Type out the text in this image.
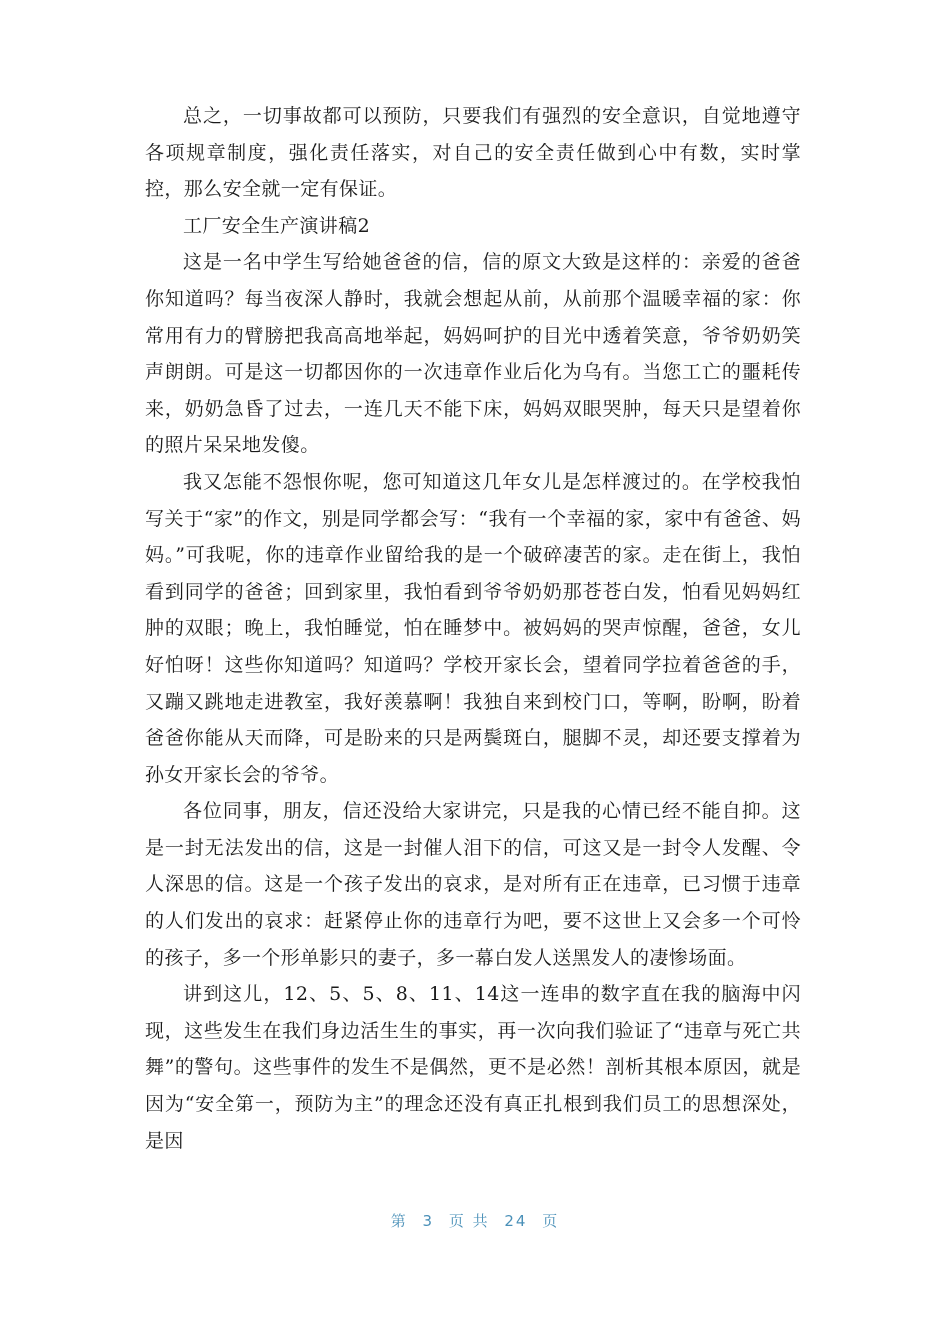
总之，一切事故都可以预防，只要我们有强烈的安全意识，自觉地遵守各项规章制度，强化责任落实，对自己的安全责任做到心中有数，实时掌控，那么安全就一定有保证。

工厂安全生产演讲稿2

这是一名中学生写给她爸爸的信，信的原文大致是这样的：亲爱的爸爸你知道吗？每当夜深人静时，我就会想起从前，从前那个温暖幸福的家：你常用有力的臂膀把我高高地举起，妈妈呵护的目光中透着笑意，爷爷奶奶笑声朗朗。可是这一切都因你的一次违章作业后化为乌有。当您工亡的噩耗传来，奶奶急昏了过去，一连几天不能下床，妈妈双眼哭肿，每天只是望着你的照片呆呆地发傻。

我又怎能不怨恨你呢，您可知道这几年女儿是怎样渡过的。在学校我怕写关于“家”的作文，别是同学都会写：“我有一个幸福的家，家中有爸爸、妈妈。”可我呢，你的违章作业留给我的是一个破碎凄苦的家。走在街上，我怕看到同学的爸爸；回到家里，我怕看到爷爷奶奶那苍苍白发，怕看见妈妈红肿的双眼；晚上，我怕睡觉，怕在睡梦中。被妈妈的哭声惊醒，爸爸，女儿好怕呀！这些你知道吗？知道吗？学校开家长会，望着同学拉着爸爸的手，又蹦又跳地走进教室，我好羡慕啊！我独自来到校门口，等啊，盼啊，盼着爸爸你能从天而降，可是盼来的只是两鬓斑白，腿脚不灵，却还要支撑着为孙女开家长会的爷爷。

各位同事，朋友，信还没给大家讲完，只是我的心情已经不能自抑。这是一封无法发出的信，这是一封催人泪下的信，可这又是一封令人发醒、令人深思的信。这是一个孩子发出的哀求，是对所有正在违章，已习惯于违章的人们发出的哀求：赶紧停止你的违章行为吧，要不这世上又会多一个可怜的孩子，多一个形单影只的妻子，多一幕白发人送黑发人的凄惨场面。

讲到这儿，12、5、5、8、11、14这一连串的数字直在我的脑海中闪现，这些发生在我们身边活生生的事实，再一次向我们验证了“违章与死亡共舞”的警句。这些事件的发生不是偶然，更不是必然！剖析其根本原因，就是因为“安全第一，预防为主”的理念还没有真正扎根到我们员工的思想深处，是因

第 3 页 共 24 页
